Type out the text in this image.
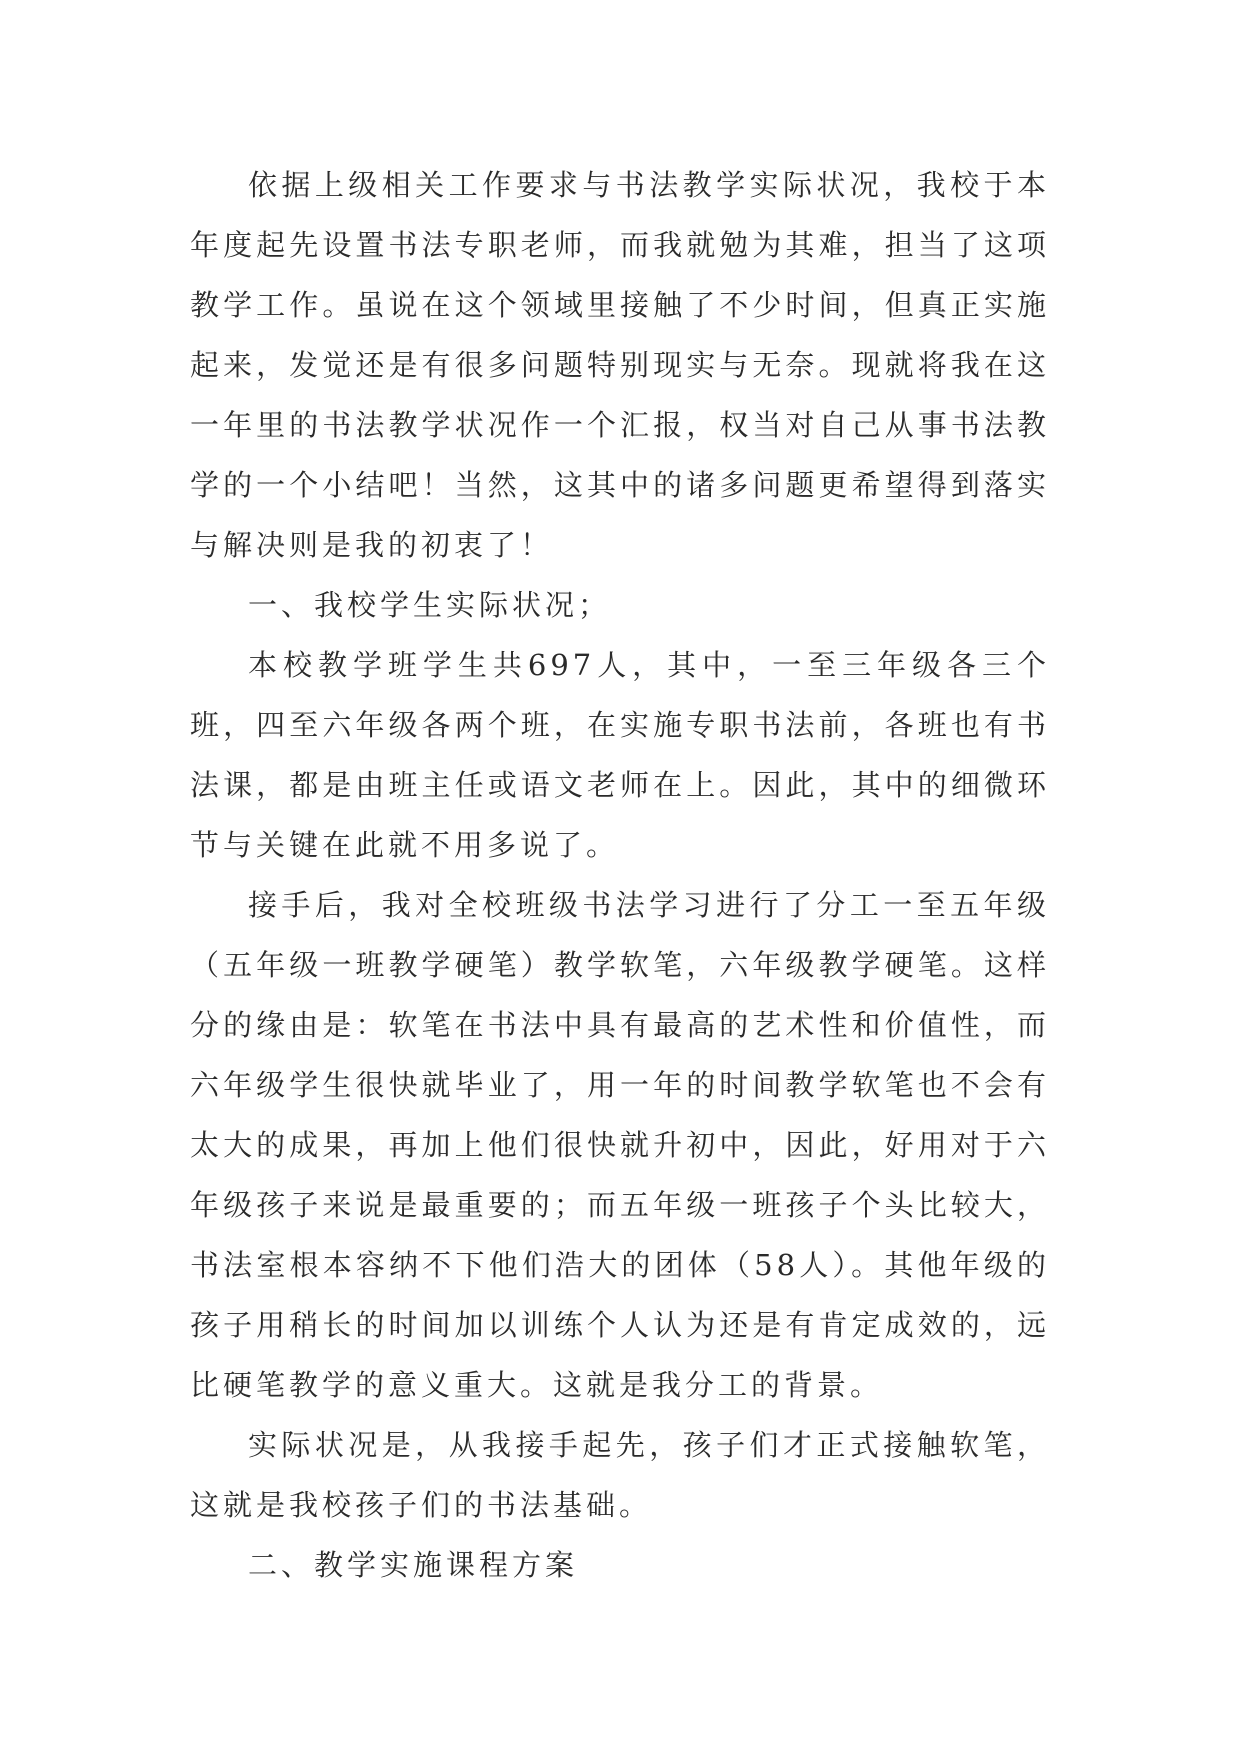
依据上级相关工作要求与书法教学实际状况，我校于本年度起先设置书法专职老师，而我就勉为其难，担当了这项教学工作。虽说在这个领域里接触了不少时间，但真正实施起来，发觉还是有很多问题特别现实与无奈。现就将我在这一年里的书法教学状况作一个汇报，权当对自己从事书法教学的一个小结吧！当然，这其中的诸多问题更希望得到落实与解决则是我的初衷了！

一、我校学生实际状况；

本校教学班学生共697人，其中，一至三年级各三个班，四至六年级各两个班，在实施专职书法前，各班也有书法课，都是由班主任或语文老师在上。因此，其中的细微环节与关键在此就不用多说了。

接手后，我对全校班级书法学习进行了分工一至五年级（五年级一班教学硬笔）教学软笔，六年级教学硬笔。这样分的缘由是：软笔在书法中具有最高的艺术性和价值性，而六年级学生很快就毕业了，用一年的时间教学软笔也不会有太大的成果，再加上他们很快就升初中，因此，好用对于六年级孩子来说是最重要的；而五年级一班孩子个头比较大，书法室根本容纳不下他们浩大的团体（58人）。其他年级的孩子用稍长的时间加以训练个人认为还是有肯定成效的，远比硬笔教学的意义重大。这就是我分工的背景。

实际状况是，从我接手起先，孩子们才正式接触软笔，这就是我校孩子们的书法基础。

二、教学实施课程方案
